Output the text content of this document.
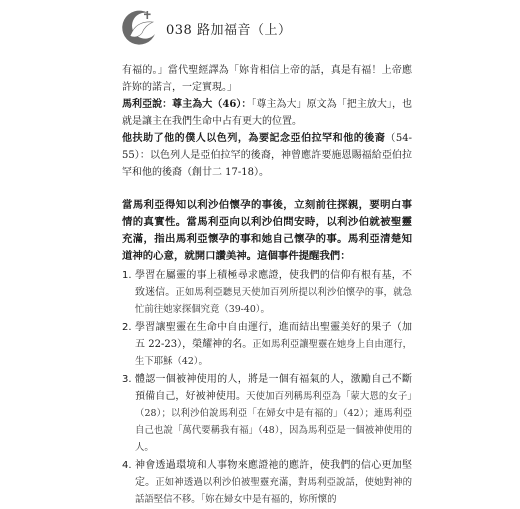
038 路加福音（上）

有福的。」當代聖經譯為「妳肯相信上帝的話，真是有福！上帝應許妳的諾言，一定實現。」

馬利亞說：尊主為大（46）：「尊主為大」原文為「把主放大」，也就是讓主在我們生命中占有更大的位置。

他扶助了他的僕人以色列，為要記念亞伯拉罕和他的後裔（54-55）：以色列人是亞伯拉罕的後裔，神曾應許要施恩賜福給亞伯拉罕和他的後裔（創廿二 17-18）。

當馬利亞得知以利沙伯懷孕的事後，立刻前往探親，要明白事情的真實性。當馬利亞向以利沙伯問安時，以利沙伯就被聖靈充滿，指出馬利亞懷孕的事和她自己懷孕的事。馬利亞清楚知道神的心意，就開口讚美神。這個事件提醒我們：

1. 學習在屬靈的事上積極尋求應證，使我們的信仰有根有基，不致迷信。正如馬利亞聽見天使加百列所提以利沙伯懷孕的事，就急忙前往她家探個究竟（39-40）。
2. 學習讓聖靈在生命中自由運行，進而結出聖靈美好的果子（加五 22-23），榮耀神的名。正如馬利亞讓聖靈在她身上自由運行，生下耶穌（42）。
3. 體認一個被神使用的人，將是一個有福氣的人，激勵自己不斷預備自己，好被神使用。天使加百列稱馬利亞為「蒙大恩的女子」（28）；以利沙伯說馬利亞「在婦女中是有福的」（42）；連馬利亞自己也說「萬代要稱我有福」（48），因為馬利亞是一個被神使用的人。
4. 神會透過環境和人事物來應證祂的應許，使我們的信心更加堅定。正如神透過以利沙伯被聖靈充滿，對馬利亞說話，使她對神的話語堅信不移。「妳在婦女中是有福的，妳所懷的
